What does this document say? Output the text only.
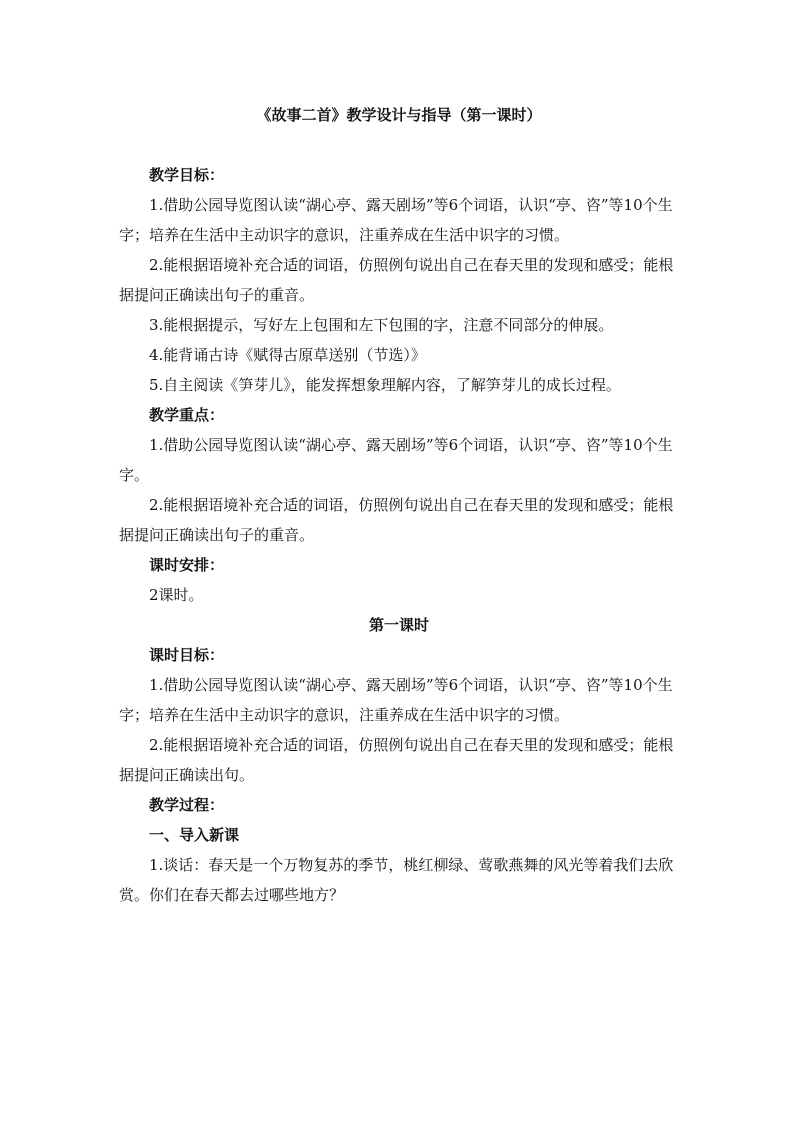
《故事二首》教学设计与指导（第一课时）

教学目标：

1.借助公园导览图认读“湖心亭、露天剧场”等6个词语，认识“亭、咨”等10个生字；培养在生活中主动识字的意识，注重养成在生活中识字的习惯。

2.能根据语境补充合适的词语，仿照例句说出自己在春天里的发现和感受；能根据提问正确读出句子的重音。

3.能根据提示，写好左上包围和左下包围的字，注意不同部分的伸展。

4.能背诵古诗《赋得古原草送别（节选）》

5.自主阅读《笋芽儿》，能发挥想象理解内容，了解笋芽儿的成长过程。

教学重点：

1.借助公园导览图认读“湖心亭、露天剧场”等6个词语，认识“亭、咨”等10个生字。

2.能根据语境补充合适的词语，仿照例句说出自己在春天里的发现和感受；能根据提问正确读出句子的重音。

课时安排：

2课时。

第一课时

课时目标：

1.借助公园导览图认读“湖心亭、露天剧场”等6个词语，认识“亭、咨”等10个生字；培养在生活中主动识字的意识，注重养成在生活中识字的习惯。

2.能根据语境补充合适的词语，仿照例句说出自己在春天里的发现和感受；能根据提问正确读出句。

教学过程：

一、导入新课

1.谈话：春天是一个万物复苏的季节，桃红柳绿、莺歌燕舞的风光等着我们去欣赏。你们在春天都去过哪些地方？
